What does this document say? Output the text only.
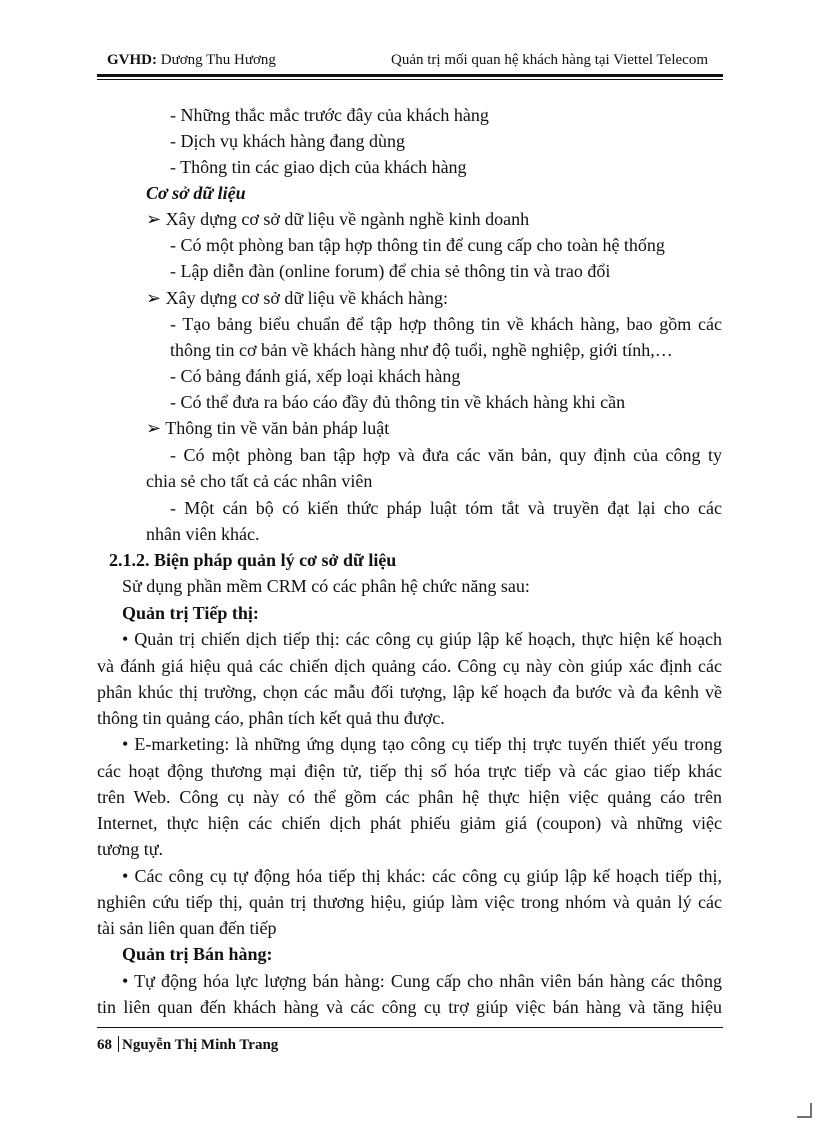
GVHD: Dương Thu Hương	Quản trị mối quan hệ khách hàng tại Viettel Telecom
- Những thắc mắc trước đây của khách hàng
- Dịch vụ khách hàng đang dùng
- Thông tin các giao dịch của khách hàng
Cơ sở dữ liệu
➢ Xây dựng cơ sở dữ liệu về ngành nghề kinh doanh
- Có một phòng ban tập hợp thông tin để cung cấp cho toàn hệ thống
- Lập diễn đàn (online forum) để chia sẻ thông tin và trao đổi
➢ Xây dựng cơ sở dữ liệu về khách hàng:
- Tạo bảng biểu chuẩn để tập hợp thông tin về khách hàng, bao gồm các
thông tin cơ bản về khách hàng như độ tuổi, nghề nghiệp, giới tính,…
- Có bảng đánh giá, xếp loại khách hàng
- Có thể đưa ra báo cáo đầy đủ thông tin về khách hàng khi cần
➢ Thông tin về văn bản pháp luật
- Có một phòng ban tập hợp và đưa các văn bản, quy định của công ty
chia sẻ cho tất cả các nhân viên
- Một cán bộ có kiến thức pháp luật tóm tắt và truyền đạt lại cho các
nhân viên khác.
2.1.2. Biện pháp quản lý cơ sở dữ liệu
Sử dụng phần mềm CRM có các phân hệ chức năng sau:
Quản trị Tiếp thị:
• Quản trị chiến dịch tiếp thị: các công cụ giúp lập kế hoạch, thực hiện kế hoạch
và đánh giá hiệu quả các chiến dịch quảng cáo. Công cụ này còn giúp xác định các
phân khúc thị trường, chọn các mẫu đối tượng, lập kế hoạch đa bước và đa kênh về
thông tin quảng cáo, phân tích kết quả thu được.
• E-marketing: là những ứng dụng tạo công cụ tiếp thị trực tuyến thiết yếu trong
các hoạt động thương mại điện tử, tiếp thị số hóa trực tiếp và các giao tiếp khác
trên Web. Công cụ này có thể gồm các phân hệ thực hiện việc quảng cáo trên
Internet, thực hiện các chiến dịch phát phiếu giảm giá (coupon) và những việc
tương tự.
• Các công cụ tự động hóa tiếp thị khác: các công cụ giúp lập kế hoạch tiếp thị,
nghiên cứu tiếp thị, quản trị thương hiệu, giúp làm việc trong nhóm và quản lý các
tài sản liên quan đến tiếp
Quản trị Bán hàng:
• Tự động hóa lực lượng bán hàng: Cung cấp cho nhân viên bán hàng các thông
tin liên quan đến khách hàng và các công cụ trợ giúp việc bán hàng và tăng hiệu
68 Nguyễn Thị Minh Trang
